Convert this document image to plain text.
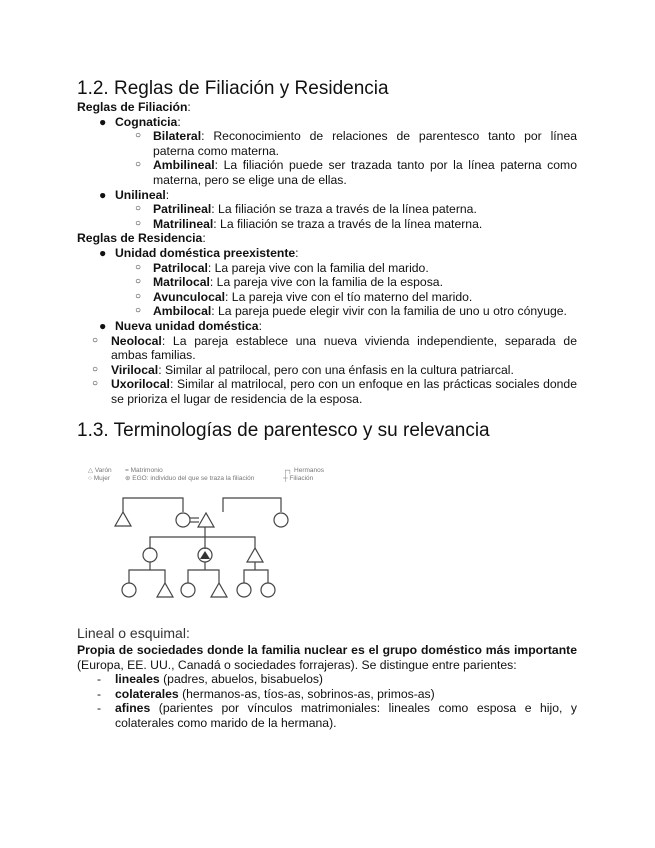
1.2. Reglas de Filiación y Residencia
Reglas de Filiación:
● Cognaticia:
○ Bilateral: Reconocimiento de relaciones de parentesco tanto por línea paterna como materna.
○ Ambilineal: La filiación puede ser trazada tanto por la línea paterna como materna, pero se elige una de ellas.
● Unilineal:
○ Patrilineal: La filiación se traza a través de la línea paterna.
○ Matrilineal: La filiación se traza a través de la línea materna.
Reglas de Residencia:
● Unidad doméstica preexistente:
○ Patrilocal: La pareja vive con la familia del marido.
○ Matrilocal: La pareja vive con la familia de la esposa.
○ Avunculocal: La pareja vive con el tío materno del marido.
○ Ambilocal: La pareja puede elegir vivir con la familia de uno u otro cónyuge.
● Nueva unidad doméstica:
○ Neolocal: La pareja establece una nueva vivienda independiente, separada de ambas familias.
○ Virilocal: Similar al patrilocal, pero con una énfasis en la cultura patriarcal.
○ Uxorilocal: Similar al matrilocal, pero con un enfoque en las prácticas sociales donde se prioriza el lugar de residencia de la esposa.
1.3. Terminologías de parentesco y su relevancia
△ Varón
○ Mujer
= Matrimonio
⊛ EGO: individuo del que se traza la filiación
┌┐ Hermanos
┼ Filiación
Lineal o esquimal:
Propia de sociedades donde la familia nuclear es el grupo doméstico más importante (Europa, EE. UU., Canadá o sociedades forrajeras). Se distingue entre parientes:
- lineales (padres, abuelos, bisabuelos)
- colaterales (hermanos-as, tíos-as, sobrinos-as, primos-as)
- afines (parientes por vínculos matrimoniales: lineales como esposa e hijo, y colaterales como marido de la hermana).
